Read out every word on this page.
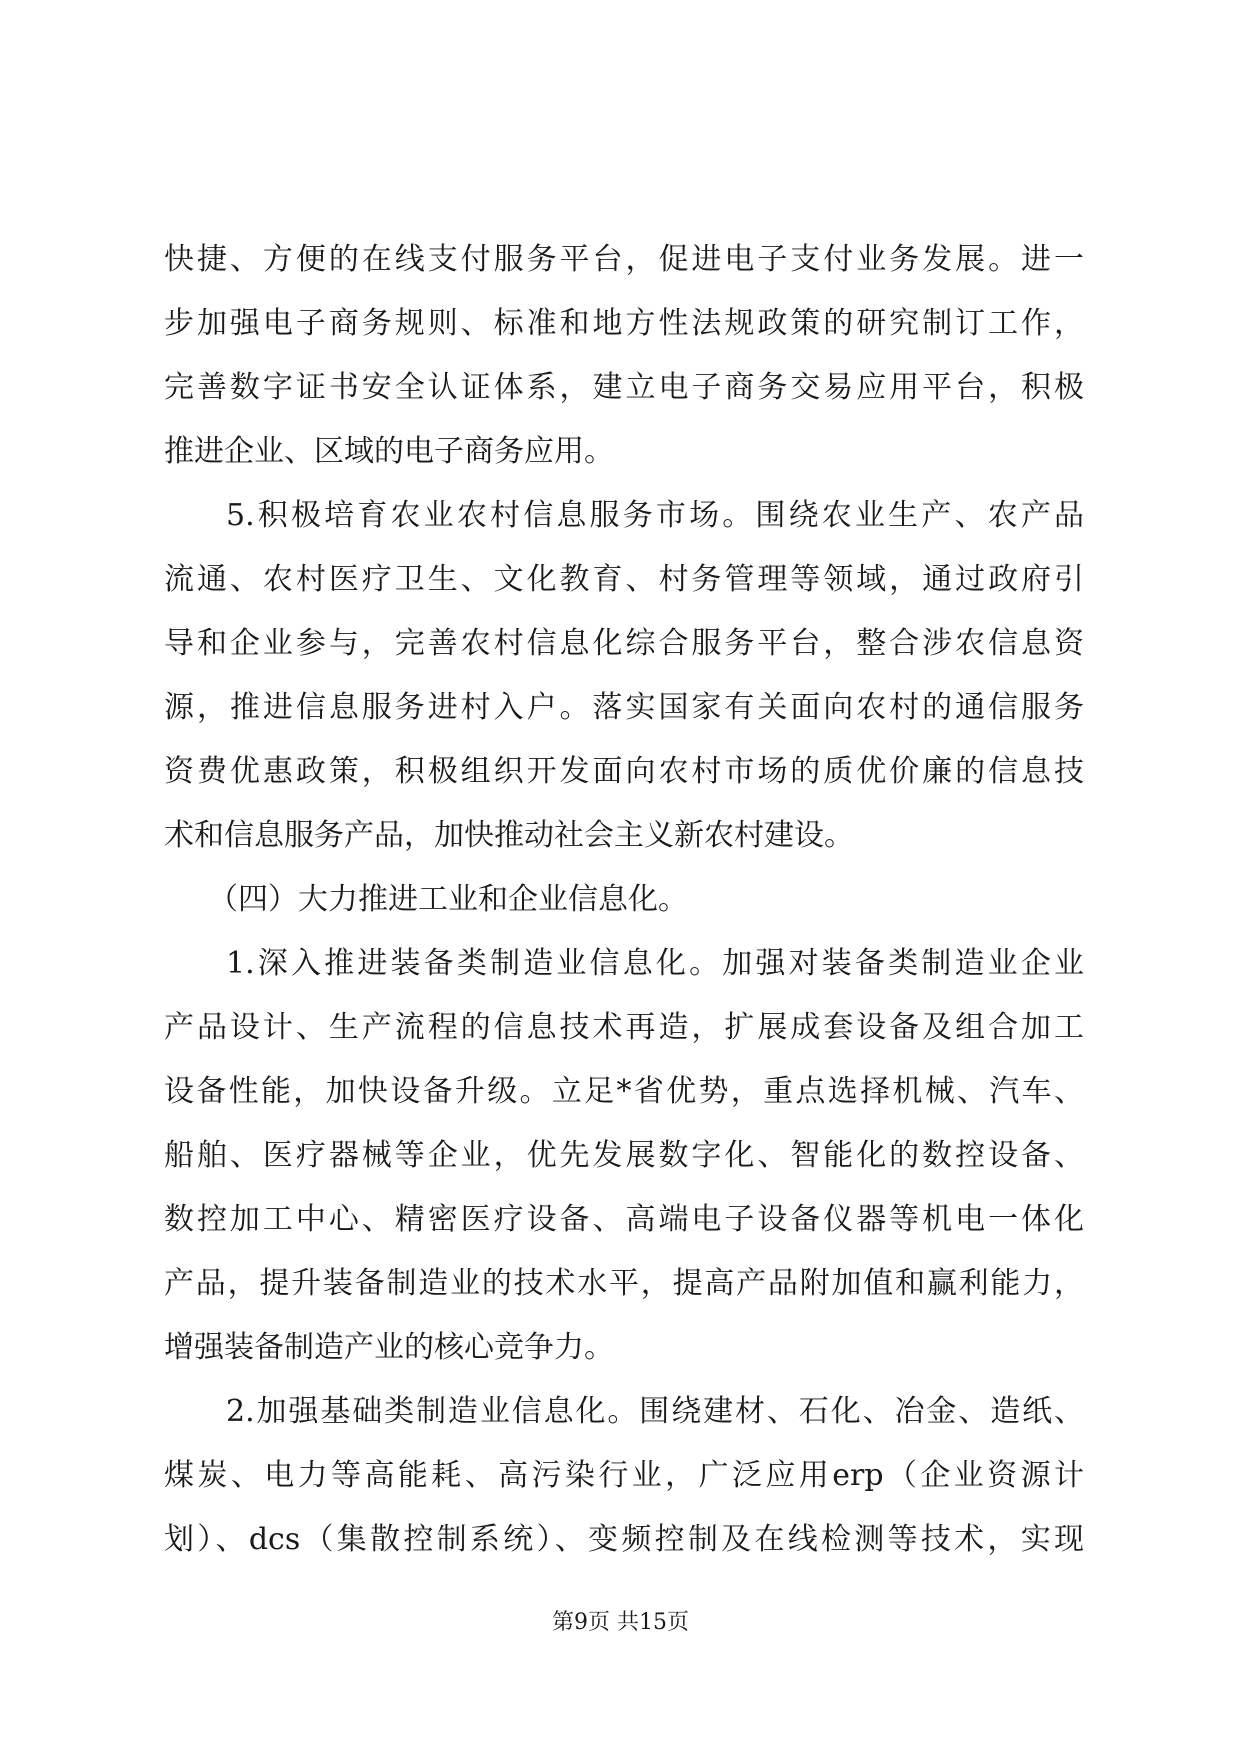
快捷、方便的在线支付服务平台，促进电子支付业务发展。进一
步加强电子商务规则、标准和地方性法规政策的研究制订工作，
完善数字证书安全认证体系，建立电子商务交易应用平台，积极
推进企业、区域的电子商务应用。
5.积极培育农业农村信息服务市场。围绕农业生产、农产品
流通、农村医疗卫生、文化教育、村务管理等领域，通过政府引
导和企业参与，完善农村信息化综合服务平台，整合涉农信息资
源，推进信息服务进村入户。落实国家有关面向农村的通信服务
资费优惠政策，积极组织开发面向农村市场的质优价廉的信息技
术和信息服务产品，加快推动社会主义新农村建设。
（四）大力推进工业和企业信息化。
1.深入推进装备类制造业信息化。加强对装备类制造业企业
产品设计、生产流程的信息技术再造，扩展成套设备及组合加工
设备性能，加快设备升级。立足*省优势，重点选择机械、汽车、
船舶、医疗器械等企业，优先发展数字化、智能化的数控设备、
数控加工中心、精密医疗设备、高端电子设备仪器等机电一体化
产品，提升装备制造业的技术水平，提高产品附加值和赢利能力，
增强装备制造产业的核心竞争力。
2.加强基础类制造业信息化。围绕建材、石化、冶金、造纸、
煤炭、电力等高能耗、高污染行业，广泛应用erp（企业资源计
划）、dcs（集散控制系统）、变频控制及在线检测等技术，实现
第9页 共15页
